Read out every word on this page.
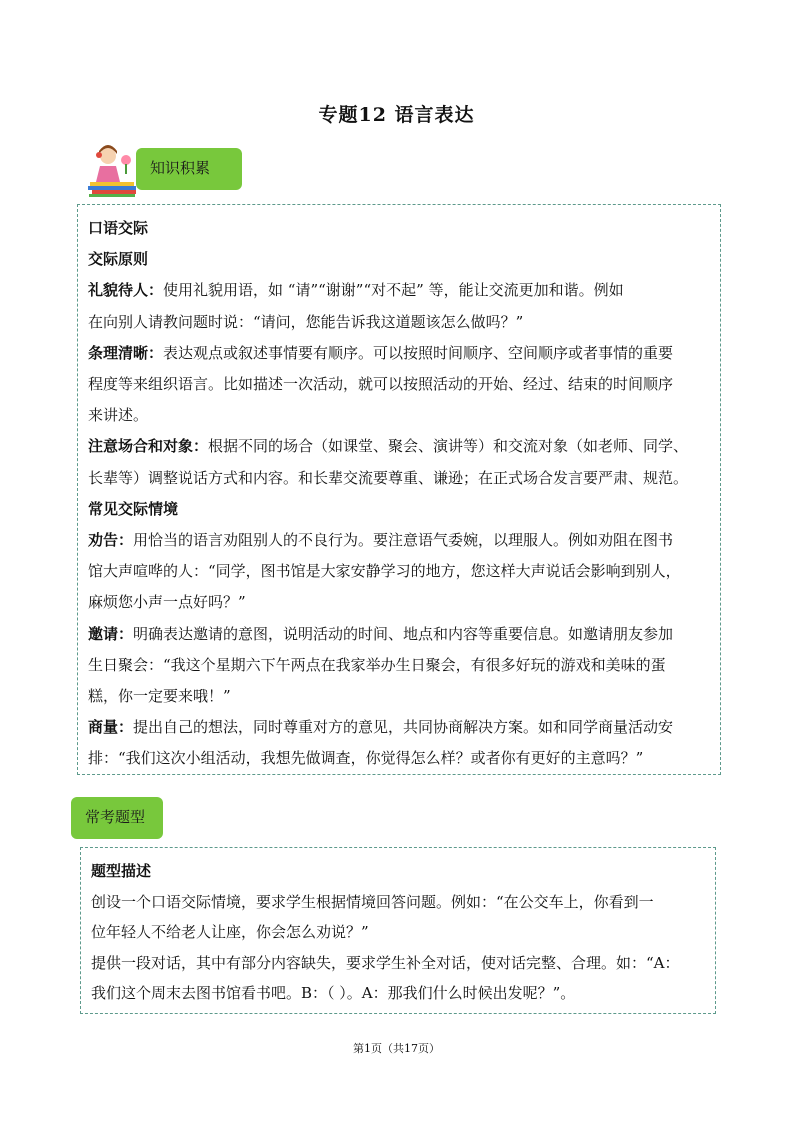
专题12 语言表达
知识积累

口语交际

交际原则

礼貌待人：使用礼貌用语，如 “请”“谢谢”“对不起” 等，能让交流更加和谐。例如
在向别人请教问题时说：“请问，您能告诉我这道题该怎么做吗？”

条理清晰：表达观点或叙述事情要有顺序。可以按照时间顺序、空间顺序或者事情的重要
程度等来组织语言。比如描述一次活动，就可以按照活动的开始、经过、结束的时间顺序
来讲述。

注意场合和对象：根据不同的场合（如课堂、聚会、演讲等）和交流对象（如老师、同学、
长辈等）调整说话方式和内容。和长辈交流要尊重、谦逊；在正式场合发言要严肃、规范。

常见交际情境

劝告：用恰当的语言劝阻别人的不良行为。要注意语气委婉，以理服人。例如劝阻在图书
馆大声喧哗的人：“同学，图书馆是大家安静学习的地方，您这样大声说话会影响到别人，
麻烦您小声一点好吗？”

邀请：明确表达邀请的意图，说明活动的时间、地点和内容等重要信息。如邀请朋友参加
生日聚会：“我这个星期六下午两点在我家举办生日聚会，有很多好玩的游戏和美味的蛋
糕，你一定要来哦！”

商量：提出自己的想法，同时尊重对方的意见，共同协商解决方案。如和同学商量活动安
排：“我们这次小组活动，我想先做调查，你觉得怎么样？或者你有更好的主意吗？”

常考题型

题型描述

创设一个口语交际情境，要求学生根据情境回答问题。例如：“在公交车上，你看到一
位年轻人不给老人让座，你会怎么劝说？”

提供一段对话，其中有部分内容缺失，要求学生补全对话，使对话完整、合理。如：“A：
我们这个周末去图书馆看书吧。B：（ ）。A：那我们什么时候出发呢？”。

第1页（共17页）
